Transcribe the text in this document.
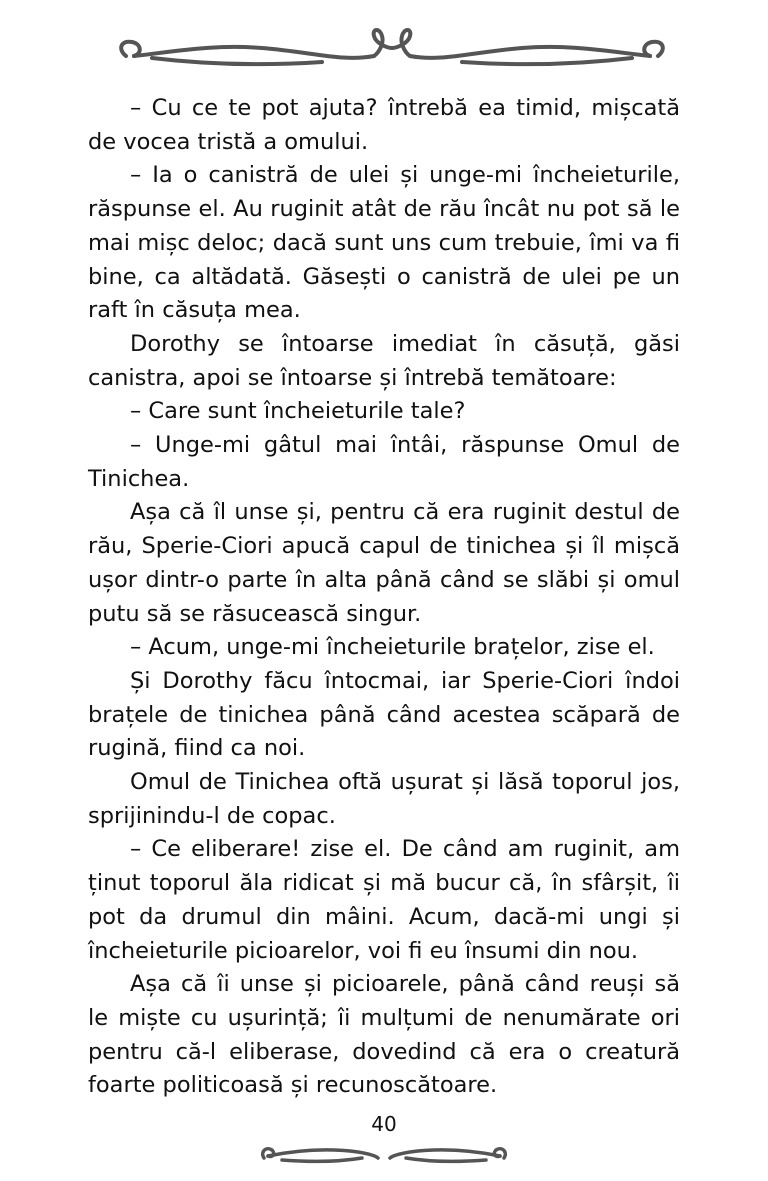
– Cu ce te pot ajuta? întrebă ea timid, mișcată de vocea tristă a omului.

– Ia o canistră de ulei și unge-mi încheieturile, răspunse el. Au ruginit atât de rău încât nu pot să le mai mișc deloc; dacă sunt uns cum trebuie, îmi va fi bine, ca altădată. Găsești o canistră de ulei pe un raft în căsuța mea.

Dorothy se întoarse imediat în căsuță, găsi canistra, apoi se întoarse și întrebă temătoare:

– Care sunt încheieturile tale?

– Unge-mi gâtul mai întâi, răspunse Omul de Tinichea.

Așa că îl unse și, pentru că era ruginit destul de rău, Sperie-Ciori apucă capul de tinichea și îl mișcă ușor dintr-o parte în alta până când se slăbi și omul putu să se răsucească singur.

– Acum, unge-mi încheieturile brațelor, zise el.

Și Dorothy făcu întocmai, iar Sperie-Ciori îndoi brațele de tinichea până când acestea scăpară de rugină, fiind ca noi.

Omul de Tinichea oftă ușurat și lăsă toporul jos, sprijinindu-l de copac.

– Ce eliberare! zise el. De când am ruginit, am ținut toporul ăla ridicat și mă bucur că, în sfârșit, îi pot da drumul din mâini. Acum, dacă-mi ungi și încheieturile picioarelor, voi fi eu însumi din nou.

Așa că îi unse și picioarele, până când reuși să le miște cu ușurință; îi mulțumi de nenumărate ori pentru că-l eliberase, dovedind că era o creatură foarte politicoasă și recunoscătoare.

40
